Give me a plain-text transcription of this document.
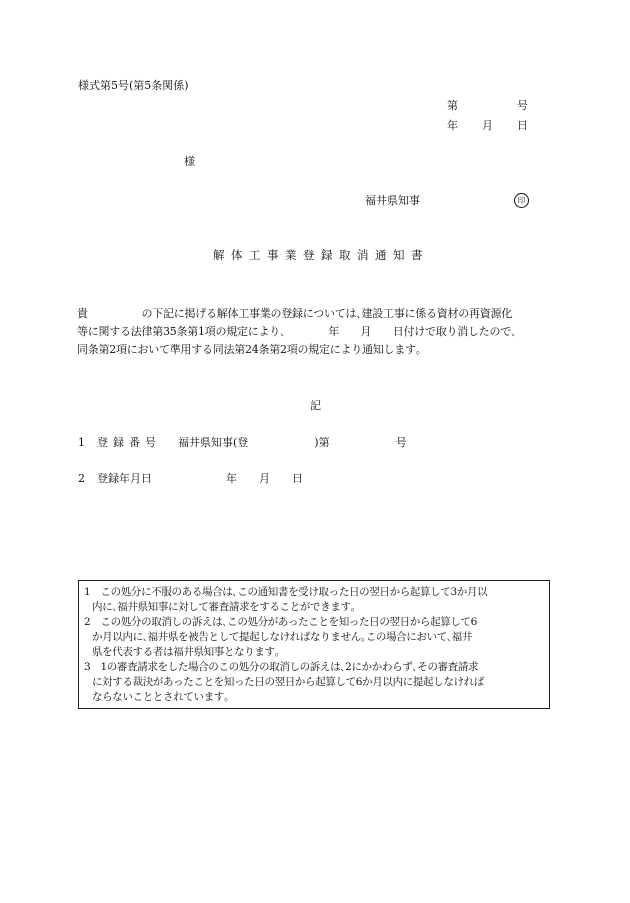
様式第5号(第5条関係)
第	号
年 月 日
様
福井県知事	印
解体工事業登録取消通知書
貴　　　　　の下記に掲げる解体工事業の登録については､建設工事に係る資材の再資源化
等に関する法律第35条第1項の規定により､　　　　年　　月　　日付けで取り消したので､
同条第2項において準用する同法第24条第2項の規定により通知します｡
記
1 登録番号 福井県知事(登　　　　　　)第　　　　　　号
2 登録年月日	年　　月　　日
1　この処分に不服のある場合は､この通知書を受け取った日の翌日から起算して3か月以
内に､福井県知事に対して審査請求をすることができます｡
2　この処分の取消しの訴えは､この処分があったことを知った日の翌日から起算して6
か月以内に､福井県を被告として提起しなければなりません｡この場合において､福井
県を代表する者は福井県知事となります｡
3　1の審査請求をした場合のこの処分の取消しの訴えは､2にかかわらず､その審査請求
に対する裁決があったことを知った日の翌日から起算して6か月以内に提起しなければ
ならないこととされています｡
